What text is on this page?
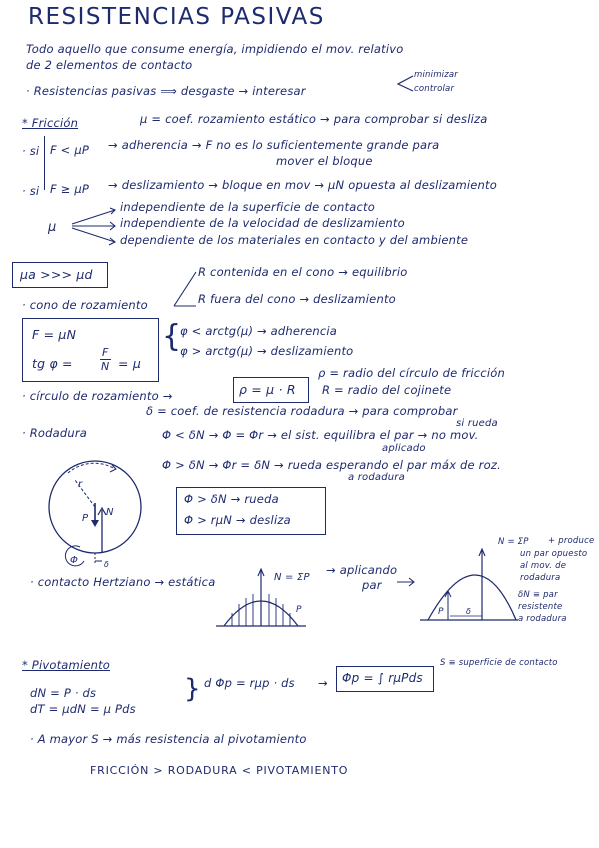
RESISTENCIAS PASIVAS
Todo aquello que consume energía, impidiendo el mov. relativo
de 2 elementos de contacto
· Resistencias pasivas ⟹ desgaste → interesar
minimizar
controlar
* Fricción	μ = coef. rozamiento estático → para comprobar si desliza
· si F < μP → adherencia → F no es lo suficientemente grande para
mover el bloque
· si F ≥ μP → deslizamiento → bloque en mov → μN opuesta al deslizamiento
μ
independiente de la superficie de contacto
independiente de la velocidad de deslizamiento
dependiente de los materiales en contacto y del ambiente
μa >>> μd
· cono de rozamiento
R contenida en el cono → equilibrio
R fuera del cono → deslizamiento
F = μN
tg $\varphi = \frac{F}{N} = \mu$
{
φ < arctg(μ) → adherencia
φ > arctg(μ) → deslizamiento
· círculo de rozamiento →	ρ = μ · R
ρ = radio del círculo de fricción
R = radio del cojinete
· Rodadura
δ = coef. de resistencia rodadura → para comprobar
si rueda
Φ < δN → Φ = Φr → el sist. equilibra el par → no mov.
aplicado
Φ > δN → Φr = δN → rueda esperando el par máx de roz.
a rodadura
Φ > δN → rueda
Φ > rμN → desliza
r
P
N
Φ	δ
· contacto Hertziano → estática	N = ΣP
→ aplicando
par
P	P	δ
N = ΣP + produce
un par opuesto
al mov. de
rodadura
δN ≡ par
resistente
a rodadura
* Pivotamiento
dN = P · ds
dT = μdN = μ Pds
} d Φp = rμp · ds → Φp = ∫ rμPds
S ≡ superficie de contacto
· A mayor S → más resistencia al pivotamiento
FRICCIÓN > RODADURA < PIVOTAMIENTO
